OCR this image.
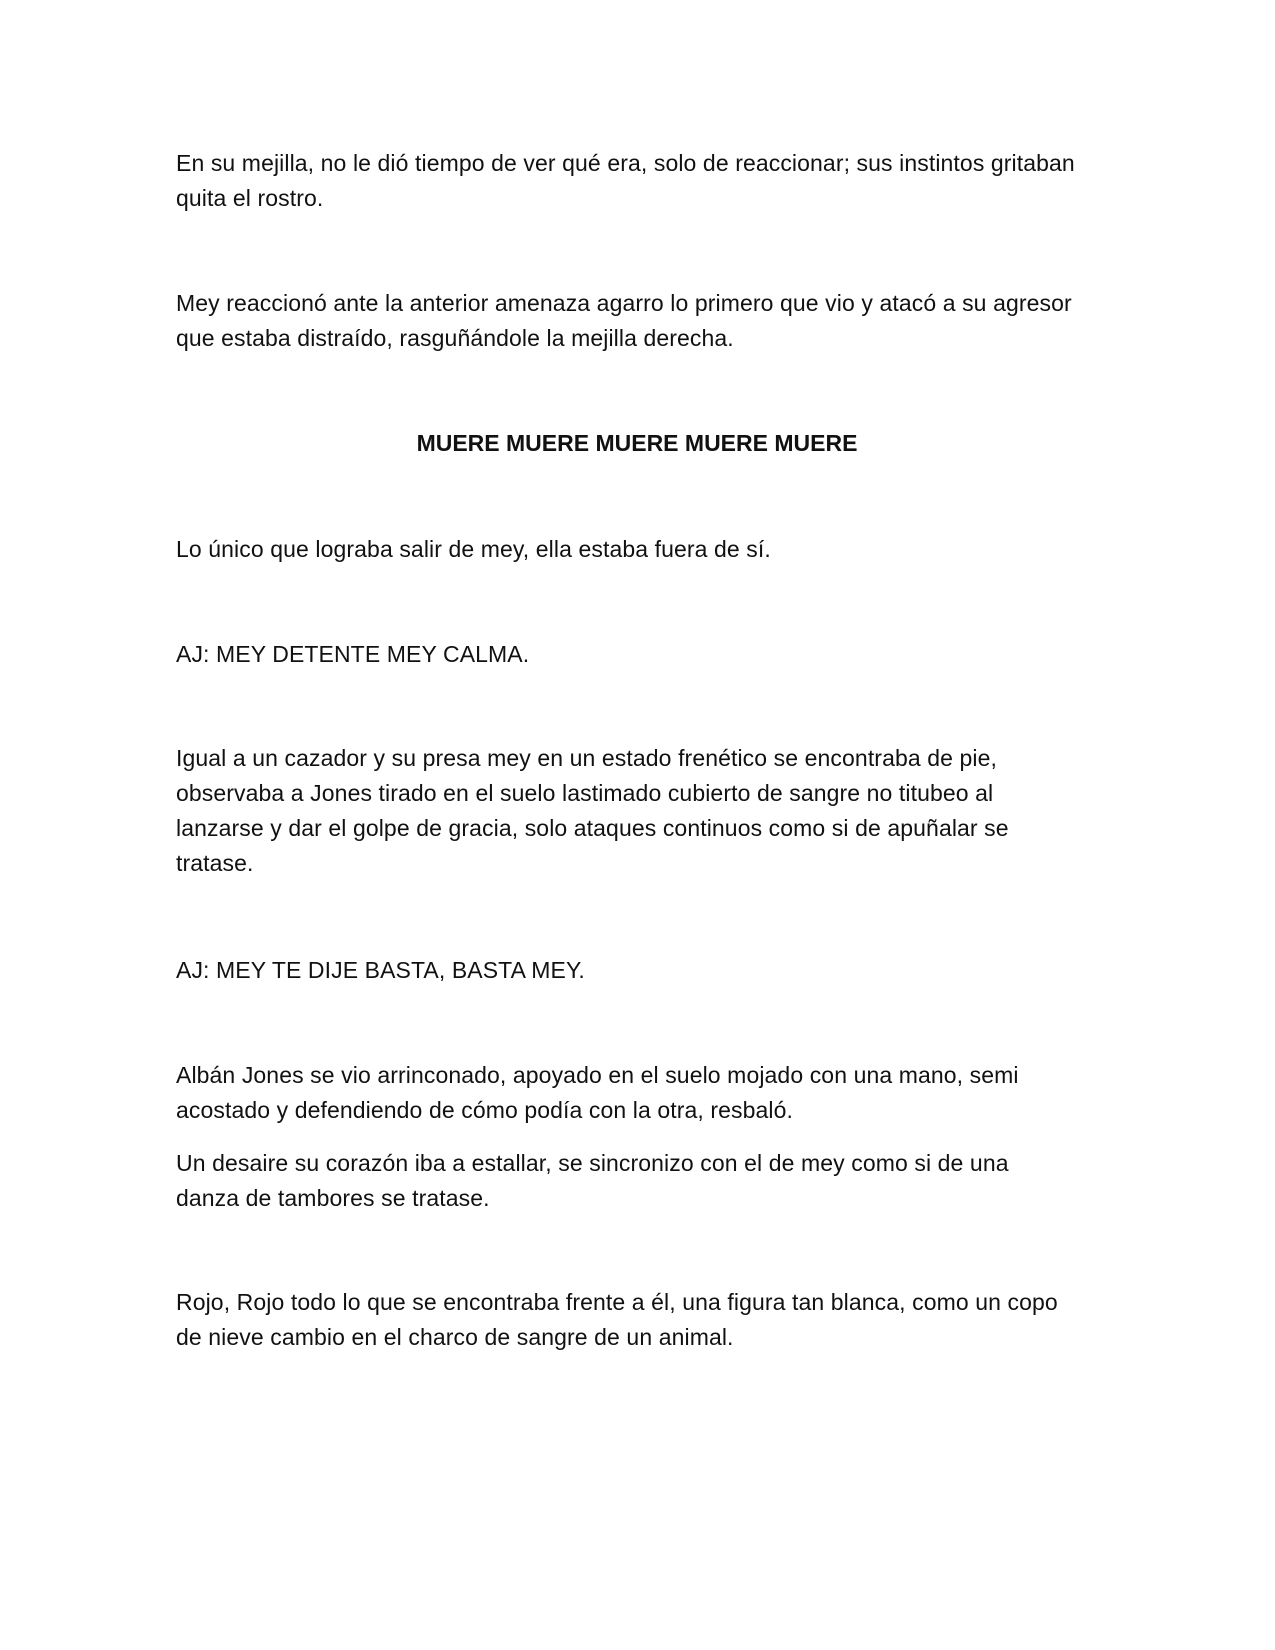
En su mejilla, no le dió tiempo de ver qué era, solo de reaccionar; sus instintos gritaban quita el rostro.

Mey reaccionó ante la anterior amenaza agarro lo primero que vio y atacó a su agresor que estaba distraído, rasguñándole la mejilla derecha.

MUERE MUERE MUERE MUERE MUERE

Lo único que lograba salir de mey, ella estaba fuera de sí.

AJ: MEY DETENTE MEY CALMA.

Igual a un cazador y su presa mey en un estado frenético se encontraba de pie, observaba a Jones tirado en el suelo lastimado cubierto de sangre no titubeo al lanzarse y dar el golpe de gracia, solo ataques continuos como si de apuñalar se tratase.

AJ: MEY TE DIJE BASTA, BASTA MEY.

Albán Jones se vio arrinconado, apoyado en el suelo mojado con una mano, semi acostado y defendiendo de cómo podía con la otra, resbaló.

Un desaire su corazón iba a estallar, se sincronizo con el de mey como si de una danza de tambores se tratase.

Rojo, Rojo todo lo que se encontraba frente a él, una figura tan blanca, como un copo de nieve cambio en el charco de sangre de un animal.
